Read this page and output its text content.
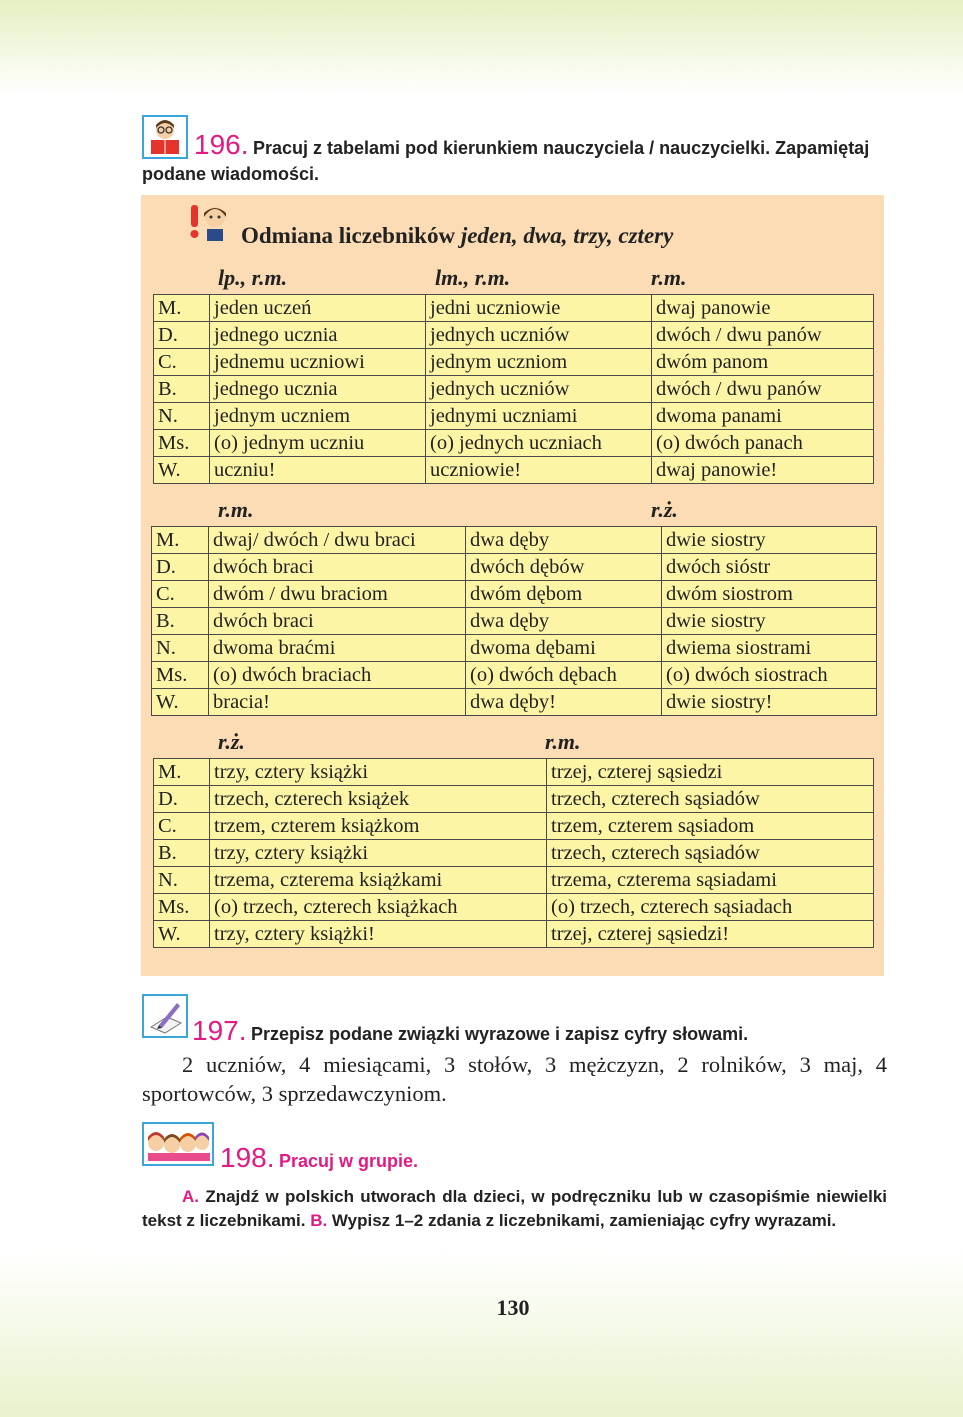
196. Pracuj z tabelami pod kierunkiem nauczyciela / nauczycielki. Zapamiętaj podane wiadomości.
Odmiana liczebników jeden, dwa, trzy, cztery
lp., r.m.	lm., r.m.	r.m.
M.	jeden uczeń	jedni uczniowie	dwaj panowie
D.	jednego ucznia	jednych uczniów	dwóch / dwu panów
C.	jednemu uczniowi	jednym uczniom	dwóm panom
B.	jednego ucznia	jednych uczniów	dwóch / dwu panów
N.	jednym uczniem	jednymi uczniami	dwoma panami
Ms.	(o) jednym uczniu	(o) jednych uczniach	(o) dwóch panach
W.	uczniu!	uczniowie!	dwaj panowie!
r.m.	r.ż.
M.	dwaj/ dwóch / dwu braci	dwa dęby	dwie siostry
D.	dwóch braci	dwóch dębów	dwóch sióstr
C.	dwóm / dwu braciom	dwóm dębom	dwóm siostrom
B.	dwóch braci	dwa dęby	dwie siostry
N.	dwoma braćmi	dwoma dębami	dwiema siostrami
Ms.	(o) dwóch braciach	(o) dwóch dębach	(o) dwóch siostrach
W.	bracia!	dwa dęby!	dwie siostry!
r.ż.	r.m.
M.	trzy, cztery książki	trzej, czterej sąsiedzi
D.	trzech, czterech książek	trzech, czterech sąsiadów
C.	trzem, czterem książkom	trzem, czterem sąsiadom
B.	trzy, cztery książki	trzech, czterech sąsiadów
N.	trzema, czterema książkami	trzema, czterema sąsiadami
Ms.	(o) trzech, czterech książkach	(o) trzech, czterech sąsiadach
W.	trzy, cztery książki!	trzej, czterej sąsiedzi!
197. Przepisz podane związki wyrazowe i zapisz cyfry słowami.
2 uczniów, 4 miesiącami, 3 stołów, 3 mężczyzn, 2 rolników, 3 maj, 4 sportowców, 3 sprzedawczyniom.
198. Pracuj w grupie.
A. Znajdź w polskich utworach dla dzieci, w podręczniku lub w czasopiśmie niewielki tekst z liczebnikami. B. Wypisz 1–2 zdania z liczebnikami, zamieniając cyfry wyrazami.
130
